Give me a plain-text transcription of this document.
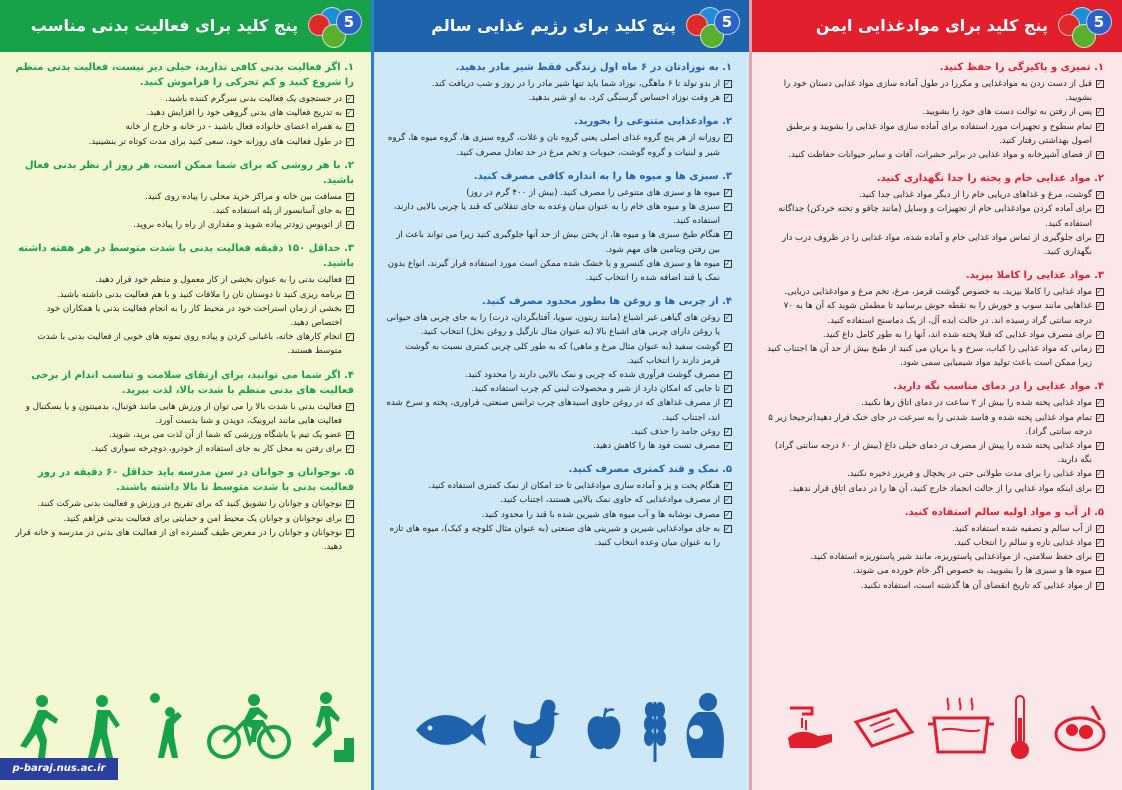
5
پنج کلید برای فعالیت بدنی مناسب
۱. اگر فعالیت بدنی کافی ندارید، خیلی دیر نیست، فعالیت بدنی منظم را شروع کنید و کم تحرکی را فراموش کنید.
✓
در جستجوی یک فعالیت بدنی سرگرم کننده باشید.
✓
به تدریج فعالیت های بدنی گروهی خود را افزایش دهید.
✓
به همراه اعضای خانواده فعال باشید - در خانه و خارج از خانه
✓
در طول فعالیت های روزانه خود، سعی کنید برای مدت کوتاه تر بنشینید.
۲. با هر روشی که برای شما ممکن است، هر روز از نظر بدنی فعال باشید.
✓
مسافت بین خانه و مراکز خرید محلی را پیاده روی کنید.
✓
به جای آسانسور از پله استفاده کنید.
✓
از اتوبوس زودتر پیاده شوید و مقداری از راه را پیاده بروید.
۳. حداقل ۱۵۰ دقیقه فعالیت بدنی با شدت متوسط در هر هفته داشته باشید.
✓
فعالیت بدنی را به عنوان بخشی از کار معمول و منظم خود قرار دهید.
✓
برنامه ریزی کنید تا دوستان تان را ملاقات کنید و با هم فعالیت بدنی داشته باشید.
✓
بخشی از زمان استراحت خود در محیط کار را به انجام فعالیت بدنی با همکاران خود اختصاص دهید.
✓
انجام کارهای خانه، باغبانی کردن و پیاده روی نمونه های خوبی از فعالیت بدنی با شدت متوسط هستند.
۴. اگر شما می توانید، برای ارتقای سلامت و تناسب اندام از برخی فعالیت های بدنی منظم با شدت بالا، لذت ببرید.
✓
فعالیت بدنی با شدت بالا را می توان از ورزش هایی مانند فوتبال، بدمینتون و یا بسکتبال و فعالیت هایی مانند ایروبیک، دویدن و شنا بدست آورد.
✓
عضو یک تیم یا باشگاه ورزشی که شما از آن لذت می برید، شوید.
✓
برای رفتن به محل کار به جای استفاده از خودرو، دوچرخه سواری کنید.
۵. نوجوانان و جوانان در سن مدرسه باید حداقل ۶۰ دقیقه در روز فعالیت بدنی با شدت متوسط تا بالا داشته باشند.
✓
نوجوانان و جوانان را تشویق کنید که برای تفریح در ورزش و فعالیت بدنی شرکت کنند.
✓
برای نوجوانان و جوانان یک محیط امن و حمایتی برای فعالیت بدنی فراهم کنید.
✓
نوجوانان و جوانان را در معرض طیف گسترده ای از فعالیت های بدنی در مدرسه و خانه قرار دهید.
p-baraj.nus.ac.ir
5
پنج کلید برای رژیم غذایی سالم
۱. به نوزادتان در ۶ ماه اول زندگی فقط شیر مادر بدهید.
✓
از بدو تولد تا ۶ ماهگی، نوزاد شما باید تنها شیر مادر را در روز و شب دریافت کند.
✓
هر وقت نوزاد احساس گرسنگی کرد، به او شیر بدهید.
۲. موادغذایی متنوعی را بخورید.
✓
روزانه از هر پنج گروه غذای اصلی یعنی گروه نان و غلات، گروه سبزی ها، گروه میوه ها، گروه شیر و لبنیات و گروه گوشت، حبوبات و تخم مرغ در حد تعادل مصرف کنید.
۳. سبزی ها و میوه ها را به اندازه کافی مصرف کنید.
✓
میوه ها و سبزی های متنوعی را مصرف کنید. (بیش از ۴۰۰ گرم در روز)
✓
سبزی ها و میوه های خام را به عنوان میان وعده به جای تنقلاتی که قند یا چربی بالایی دارند، استفاده کنید.
✓
هنگام طبخ سبزی ها و میوه ها، از پختن بیش از حد آنها جلوگیری کنید زیرا می تواند باعث از بین رفتن ویتامین های مهم شود.
✓
میوه ها و سبزی های کنسرو و یا خشک شده ممکن است مورد استفاده قرار گیرند، انواع بدون نمک یا قند اضافه شده را انتخاب کنید.
۴. از چربی ها و روغن ها بطور محدود مصرف کنید.
✓
روغن های گیاهی غیر اشباع (مانند زیتون، سویا، آفتابگردان، ذرت) را به جای چربی های حیوانی یا روغن دارای چربی های اشباع بالا (به عنوان مثال نارگیل و روغن نخل) انتخاب کنید.
✓
گوشت سفید (به عنوان مثال مرغ و ماهی) که به طور کلی چربی کمتری نسبت به گوشت قرمز دارند را انتخاب کنید.
✓
مصرف گوشت فرآوری شده که چربی و نمک بالایی دارند را محدود کنید.
✓
تا جایی که امکان دارد از شیر و محصولات لبنی کم چرب استفاده کنید.
✓
از مصرف غذاهای که در روغن حاوی اسیدهای چرب ترانس صنعتی، فراوری، پخته و سرخ شده اند، اجتناب کنید.
✓
روغن جامد را حذف کنید.
✓
مصرف تست فود ها را کاهش دهید.
۵. نمک و قند کمتری مصرف کنید.
✓
هنگام پخت و پز و آماده سازی موادغذایی تا حد امکان از نمک کمتری استفاده کنید.
✓
از مصرف موادغذایی که حاوی نمک بالایی هستند، اجتناب کنید.
✓
مصرف نوشابه ها و آب میوه های شیرین شده با قند را محدود کنید.
✓
به جای موادغذایی شیرین و شیرینی های صنعتی (به عنوان مثال کلوچه و کیک)، میوه های تازه را به عنوان میان وعده انتخاب کنید.
5
پنج کلید برای موادغذایی ایمن
۱. تمیزی و پاکیزگی را حفظ کنید.
✓
قبل از دست زدن به موادغذایی و مکررا در طول آماده سازی مواد غذایی دستان خود را بشویید.
✓
پس از رفتن به توالت دست های خود را بشویید.
✓
تمام سطوح و تجهیزات مورد استفاده برای آماده سازی مواد غذایی را بشویید و برطبق اصول بهداشتی رفتار کنید.
✓
از فضای آشپزخانه و مواد غذایی در برابر حشرات، آفات و سایر حیوانات حفاظت کنید.
۲. مواد غذایی خام و پخته را جدا نگهداری کنید.
✓
گوشت، مرغ و غذاهای دریایی خام را از دیگر مواد غذایی جدا کنید.
✓
برای آماده کردن موادغذایی خام از تجهیزات و وسایل (مانند چاقو و تخته خردکن) جداگانه استفاده کنید.
✓
برای جلوگیری از تماس مواد غذایی خام و آماده شده، مواد غذایی را در ظروف درب دار نگهداری کنید.
۳. مواد غذایی را کاملا بپزید.
✓
مواد غذایی را کاملا بپزید، به خصوص گوشت قرمز، مرغ، تخم مرغ و موادغذایی دریایی.
✓
غذاهایی مانند سوپ و خورش را به نقطه جوش برسانید تا مطمئن شوید که آن ها به ۷۰ درجه سانتی گراد رسیده اند. در حالت ایده آل، از یک دماسنج استفاده کنید.
✓
برای مصرف مواد غذایی که قبلا پخته شده اند، آنها را به طور کامل داغ کنید.
✓
زمانی که مواد غذایی را کباب، سرخ و یا بریان می کنید از طبخ بیش از حد آن ها اجتناب کنید زیرا ممکن است باعث تولید مواد شیمیایی سمی شود.
۴. مواد غذایی را در دمای مناسب نگه دارید.
✓
مواد غذایی پخته شده را بیش از ۲ ساعت در دمای اتاق رها نکنید.
✓
تمام مواد غذایی پخته شده و فاسد شدنی را به سرعت در جای خنک قرار دهید(ترجیحا زیر ۵ درجه سانتی گراد).
✓
مواد غذایی پخته شده را پیش از مصرف در دمای خیلی داغ (بیش از ۶۰ درجه سانتی گراد) نگه دارید.
✓
مواد غذایی را برای مدت طولانی حتی در یخچال و فریزر ذخیره نکنید.
✓
برای اینکه مواد غذایی را از حالت انجماد خارج کنید، آن ها را در دمای اتاق قرار ندهید.
۵. از آب و مواد اولیه سالم استفاده کنید.
✓
از آب سالم و تصفیه شده استفاده کنید.
✓
مواد غذایی تازه و سالم را انتخاب کنید.
✓
برای حفظ سلامتی، از موادغذایی پاستوریزه، مانند شیر پاستوریزه استفاده کنید.
✓
میوه ها و سبزی ها را بشویید، به خصوص اگر خام خورده می شوند.
✓
از مواد غذایی که تاریخ انقضای آن ها گذشته است، استفاده نکنید.
